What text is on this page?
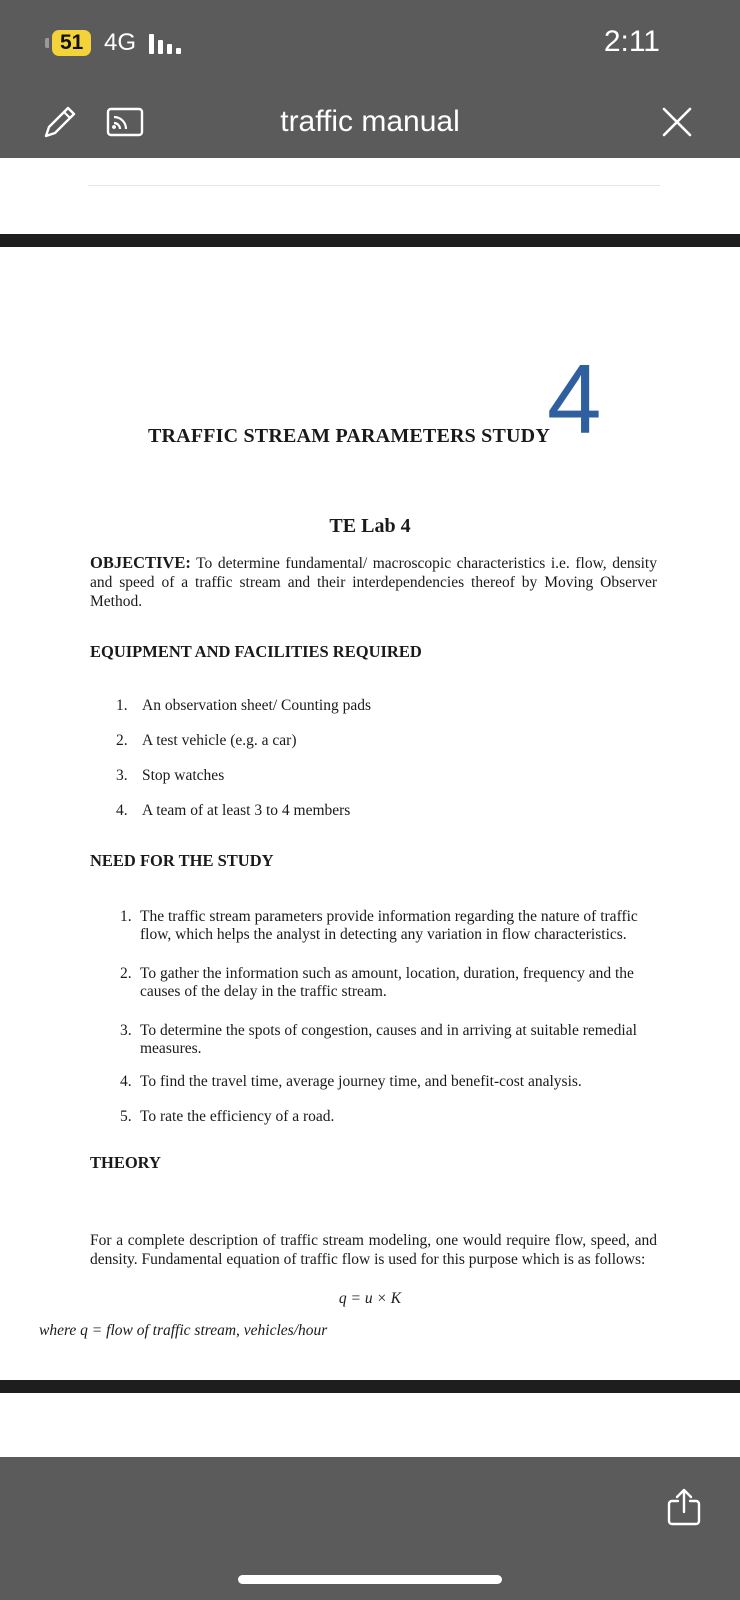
51 4G	2:11
traffic manual
TRAFFIC STREAM PARAMETERS STUDY
4
TE Lab 4
OBJECTIVE: To determine fundamental/ macroscopic characteristics i.e. flow, density and speed of a traffic stream and their interdependencies thereof by Moving Observer Method.
EQUIPMENT AND FACILITIES REQUIRED
1. An observation sheet/ Counting pads
2. A test vehicle (e.g. a car)
3. Stop watches
4. A team of at least 3 to 4 members
NEED FOR THE STUDY
1. The traffic stream parameters provide information regarding the nature of traffic flow, which helps the analyst in detecting any variation in flow characteristics.
2. To gather the information such as amount, location, duration, frequency and the causes of the delay in the traffic stream.
3. To determine the spots of congestion, causes and in arriving at suitable remedial measures.
4. To find the travel time, average journey time, and benefit-cost analysis.
5. To rate the efficiency of a road.
THEORY
For a complete description of traffic stream modeling, one would require flow, speed, and density. Fundamental equation of traffic flow is used for this purpose which is as follows:
q = u × K
where q = flow of traffic stream, vehicles/hour
